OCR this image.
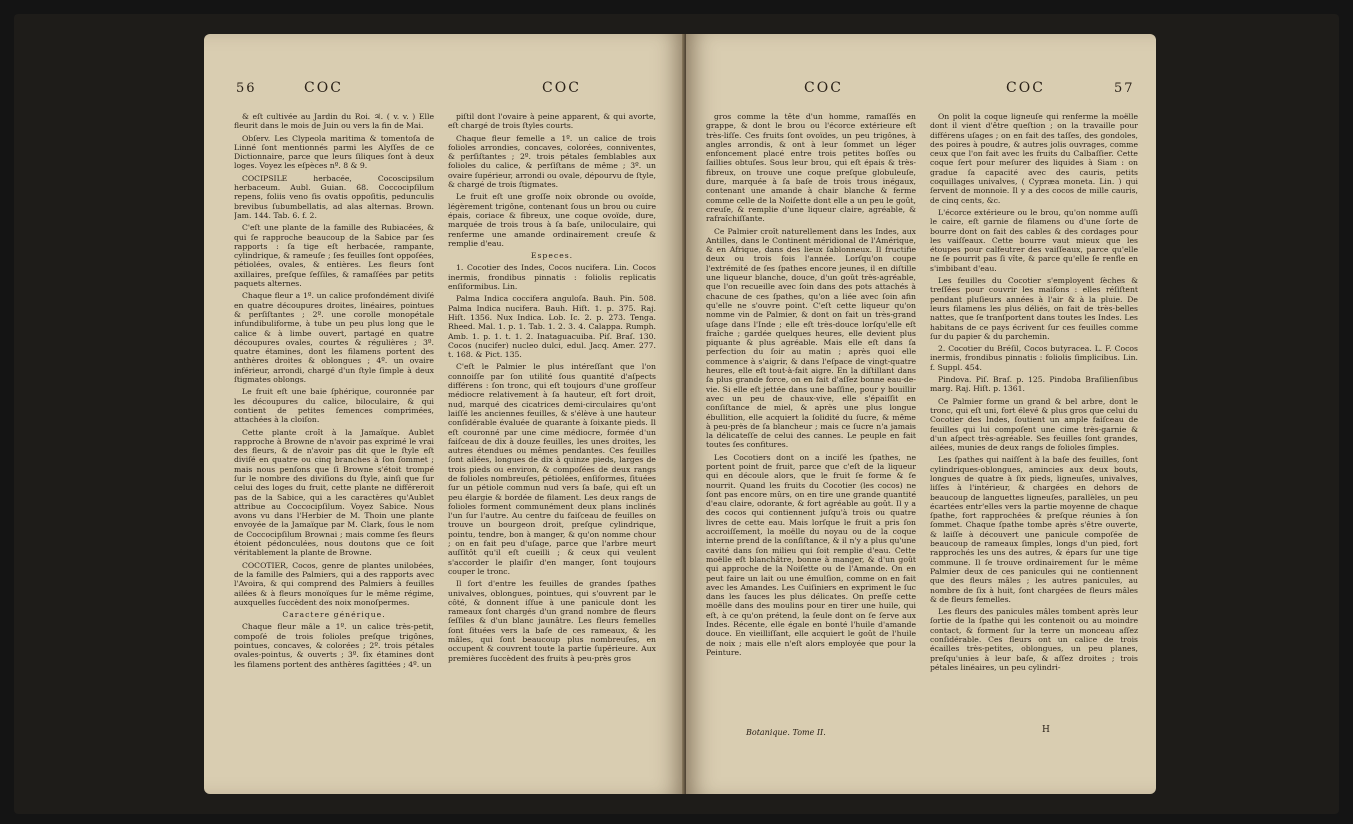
56	COC	COC

& eſt cultivée au Jardin du Roi. ♃. ( v. v. ) Elle fleurit dans le mois de Juin ou vers la fin de Mai.

Obſerv. Les Clypeola maritima & tomentoſa de Linné ſont mentionnés parmi les Alyſſes de ce Dictionnaire, parce que leurs ſiliques ſont à deux loges. Voyez les eſpèces nº. 8 & 9.

COCIPSILE herbacée, Cocoscipsilum herbaceum. Aubl. Guian. 68. Coccocipſilum repens, foliis veno ſis ovatis oppoſitis, pedunculis brevibus ſubumbellatis, ad alas alternas. Brown. Jam. 144. Tab. 6. f. 2.

C'eſt une plante de la famille des Rubiacées, & qui ſe rapproche beaucoup de la Sabice par ſes rapports : ſa tige eſt herbacée, rampante, cylindrique, & rameuſe ; ſes feuilles ſont oppoſées, pétiolées, ovales, & entières. Les fleurs ſont axillaires, preſque ſeſſiles, & ramaſſées par petits paquets alternes.

Chaque fleur a 1º. un calice profondément diviſé en quatre découpures droites, linéaires, pointues & perſiſtantes ; 2º. une corolle monopétale infundibuliforme, à tube un peu plus long que le calice & à limbe ouvert, partagé en quatre découpures ovales, courtes & régulières ; 3º. quatre étamines, dont les filamens portent des anthères droites & oblongues ; 4º. un ovaire inférieur, arrondi, chargé d'un ſtyle ſimple à deux ſtigmates oblongs.

Le fruit eſt une baie ſphérique, couronnée par les découpures du calice, biloculaire, & qui contient de petites ſemences comprimées, attachées à la cloiſon.

Cette plante croît à la Jamaïque. Aublet rapproche à Browne de n'avoir pas exprimé le vrai des fleurs, & de n'avoir pas dit que le ſtyle eſt diviſé en quatre ou cinq branches à ſon ſommet ; mais nous penſons que ſi Browne s'étoit trompé ſur le nombre des diviſions du ſtyle, ainſi que ſur celui des loges du fruit, cette plante ne différeroit pas de la Sabice, qui a les caractères qu'Aublet attribue au Coccocipſilum. Voyez Sabice. Nous avons vu dans l'Herbier de M. Thoin une plante envoyée de la Jamaïque par M. Clark, ſous le nom de Coccocipſilum Brownai ; mais comme ſes fleurs étoient pédonculées, nous doutons que ce ſoit véritablement la plante de Browne.

COCOTIER, Cocos, genre de plantes unilobées, de la famille des Palmiers, qui a des rapports avec l'Avoira, & qui comprend des Palmiers à feuilles ailées & à fleurs monoïques ſur le même régime, auxquelles ſuccèdent des noix monoſpermes.

Caractere générique.

Chaque fleur mâle a 1º. un calice très-petit, compoſé de trois folioles preſque trigônes, pointues, concaves, & colorées ; 2º. trois pétales ovales-pointus, & ouverts ; 3º. ſix étamines dont les filamens portent des anthères ſagittées ; 4º. un

piſtil dont l'ovaire à peine apparent, & qui avorte, eſt chargé de trois ſtyles courts.

Chaque fleur femelle a 1º. un calice de trois folioles arrondies, concaves, colorées, conniventes, & perſiſtantes ; 2º. trois pétales ſemblables aux folioles du calice, & perſiſtans de même ; 3º. un ovaire ſupérieur, arrondi ou ovale, dépourvu de ſtyle, & chargé de trois ſtigmates.

Le fruit eſt une groſſe noix obronde ou ovoïde, légèrement trigône, contenant ſous un brou ou cuire épais, coriace & fibreux, une coque ovoïde, dure, marquée de trois trous à ſa baſe, uniloculaire, qui renferme une amande ordinairement creuſe & remplie d'eau.

Especes.

1. Cocotier des Indes, Cocos nucifera. Lin. Cocos inermis, frondibus pinnatis : foliolis replicatis enſiformibus. Lin.

Palma Indica coccifera anguloſa. Bauh. Pin. 508. Palma Indica nucifera. Bauh. Hiſt. 1. p. 375. Raj. Hiſt. 1356. Nux Indica. Lob. Ic. 2. p. 273. Tenga. Rheed. Mal. 1. p. 1. Tab. 1. 2. 3. 4. Calappa. Rumph. Amb. 1. p. 1. t. 1. 2. Inataguacuiba. Piſ. Braſ. 130. Cocos (nucifer) nucleo dulci, edul. Jacq. Amer. 277. t. 168. & Pict. 135.

C'eſt le Palmier le plus intéreſſant que l'on connoiſſe par ſon utilité ſous quantité d'aſpects différens : ſon tronc, qui eſt toujours d'une groſſeur médiocre relativement à ſa hauteur, eſt fort droit, nud, marqué des cicatrices demi-circulaires qu'ont laiſſé les anciennes feuilles, & s'élève à une hauteur conſidérable évaluée de quarante à ſoixante pieds. Il eſt couronné par une cime médiocre, formée d'un faiſceau de dix à douze feuilles, les unes droites, les autres étendues ou mêmes pendantes. Ces feuilles ſont ailées, longues de dix à quinze pieds, larges de trois pieds ou environ, & compoſées de deux rangs de folioles nombreuſes, pétiolées, enſiformes, ſituées ſur un pétiole commun nud vers ſa baſe, qui eſt un peu élargie & bordée de filament. Les deux rangs de folioles forment communément deux plans inclinés l'un ſur l'autre. Au centre du faiſceau de feuilles on trouve un bourgeon droit, preſque cylindrique, pointu, tendre, bon à manger, & qu'on nomme chour ; on en fait peu d'uſage, parce que l'arbre meurt auſſitôt qu'il eſt cueilli ; & ceux qui veulent s'accorder le plaiſir d'en manger, ſont toujours couper le tronc.

Il ſort d'entre les feuilles de grandes ſpathes univalves, oblongues, pointues, qui s'ouvrent par le côté, & donnent iſſue à une panicule dont les rameaux ſont chargés d'un grand nombre de fleurs ſeſſiles & d'un blanc jaunâtre. Les fleurs femelles ſont ſituées vers la baſe de ces rameaux, & les mâles, qui ſont beaucoup plus nombreuſes, en occupent & couvrent toute la partie ſupérieure. Aux premières ſuccèdent des fruits à peu-près gros

COC	COC	57

gros comme la tête d'un homme, ramaſſés en grappe, & dont le brou ou l'écorce extérieure eſt très-liſſe. Ces fruits ſont ovoïdes, un peu trigônes, à angles arrondis, & ont à leur ſommet un léger enfoncement placé entre trois petites boſſes ou ſaillies obtuſes. Sous leur brou, qui eſt épais & très-fibreux, on trouve une coque preſque globuleuſe, dure, marquée à ſa baſe de trois trous inégaux, contenant une amande à chair blanche & ferme comme celle de la Noiſette dont elle a un peu le goût, creuſe, & remplie d'une liqueur claire, agréable, & rafraîchiſſante.

Ce Palmier croît naturellement dans les Indes, aux Antilles, dans le Continent méridional de l'Amérique, & en Afrique, dans des lieux ſablonneux. Il fructifie deux ou trois fois l'année. Lorſqu'on coupe l'extrémité de ſes ſpathes encore jeunes, il en diſtille une liqueur blanche, douce, d'un goût très-agréable, que l'on recueille avec ſoin dans des pots attachés à chacune de ces ſpathes, qu'on a liée avec ſoin afin qu'elle ne s'ouvre point. C'eſt cette liqueur qu'on nomme vin de Palmier, & dont on fait un très-grand uſage dans l'Inde ; elle eſt très-douce lorſqu'elle eſt fraîche ; gardée quelques heures, elle devient plus piquante & plus agréable. Mais elle eſt dans ſa perfection du ſoir au matin ; après quoi elle commence à s'aigrir, & dans l'eſpace de vingt-quatre heures, elle eſt tout-à-fait aigre. En la diſtillant dans ſa plus grande force, on en fait d'aſſez bonne eau-de-vie. Si elle eſt jettée dans une baſſine, pour y bouillir avec un peu de chaux-vive, elle s'épaiſſit en conſiſtance de miel, & après une plus longue ébullition, elle acquiert la ſolidité du ſucre, & même à peu-près de ſa blancheur ; mais ce ſucre n'a jamais la délicateſſe de celui des cannes. Le peuple en fait toutes ſes confitures.

Les Cocotiers dont on a inciſé les ſpathes, ne portent point de fruit, parce que c'eſt de la liqueur qui en découle alors, que le fruit ſe forme & ſe nourrit. Quand les fruits du Cocotier (les cocos) ne ſont pas encore mûrs, on en tire une grande quantité d'eau claire, odorante, & fort agréable au goût. Il y a des cocos qui contiennent juſqu'à trois ou quatre livres de cette eau. Mais lorſque le fruit a pris ſon accroiſſement, la moëlle du noyau ou de la coque interne prend de la conſiſtance, & il n'y a plus qu'une cavité dans ſon milieu qui ſoit remplie d'eau. Cette moëlle eſt blanchâtre, bonne à manger, & d'un goût qui approche de la Noiſette ou de l'Amande. On en peut faire un lait ou une émulſion, comme on en fait avec les Amandes. Les Cuiſiniers en expriment le ſuc dans les ſauces les plus délicates. On preſſe cette moëlle dans des moulins pour en tirer une huile, qui eſt, à ce qu'on prétend, la ſeule dont on ſe ſerve aux Indes. Récente, elle égale en bonté l'huile d'amande douce. En vieilliſſant, elle acquiert le goût de l'huile de noix ; mais elle n'eſt alors employée que pour la Peinture.

On polit la coque ligneuſe qui renferme la moëlle dont il vient d'être queſtion ; on la travaille pour différens uſages ; on en fait des taſſes, des gondoles, des poires à poudre, & autres jolis ouvrages, comme ceux que l'on fait avec les fruits du Calbaſſier. Cette coque ſert pour meſurer des liquides à Siam : on gradue ſa capacité avec des cauris, petits coquillages univalves, ( Cypræa moneta. Lin. ) qui ſervent de monnoie. Il y a des cocos de mille cauris, de cinq cents, &c.

L'écorce extérieure ou le brou, qu'on nomme auſſi le caire, eſt garnie de filamens ou d'une ſorte de bourre dont on fait des cables & des cordages pour les vaiſſeaux. Cette bourre vaut mieux que les étoupes pour calfeutrer des vaiſſeaux, parce qu'elle ne ſe pourrit pas ſi vîte, & parce qu'elle ſe renfle en s'imbibant d'eau.

Les feuilles du Cocotier s'employent ſèches & treſſées pour couvrir les maiſons : elles réſiſtent pendant pluſieurs années à l'air & à la pluie. De leurs filamens les plus déliés, on fait de très-belles nattes, que ſe tranſportent dans toutes les Indes. Les habitans de ce pays écrivent ſur ces feuilles comme ſur du papier & du parchemin.

2. Cocotier du Bréſil, Cocos butyracea. L. F. Cocos inermis, frondibus pinnatis : foliolis ſimplicibus. Lin. f. Suppl. 454.

Pindova. Piſ. Braſ. p. 125. Pindoba Braſilienſibus marg. Raj. Hiſt. p. 1361.

Ce Palmier forme un grand & bel arbre, dont le tronc, qui eſt uni, fort élevé & plus gros que celui du Cocotier des Indes, ſoutient un ample faiſceau de feuilles qui lui compoſent une cime très-garnie & d'un aſpect très-agréable. Ses feuilles ſont grandes, ailées, munies de deux rangs de folioles ſimples.

Les ſpathes qui naiſſent à la baſe des feuilles, ſont cylindriques-oblongues, amincies aux deux bouts, longues de quatre à ſix pieds, ligneuſes, univalves, liſſes à l'intérieur, & chargées en dehors de beaucoup de languettes ligneuſes, parallèles, un peu écartées entr'elles vers la partie moyenne de chaque ſpathe, fort rapprochées & preſque réunies à ſon ſommet. Chaque ſpathe tombe après s'être ouverte, & laiſſe à découvert une panicule compoſée de beaucoup de rameaux ſimples, longs d'un pied, fort rapprochés les uns des autres, & épars ſur une tige commune. Il ſe trouve ordinairement ſur le même Palmier deux de ces panicules qui ne contiennent que des fleurs mâles ; les autres panicules, au nombre de ſix à huit, ſont chargées de fleurs mâles & de fleurs femelles.

Les fleurs des panicules mâles tombent après leur ſortie de la ſpathe qui les contenoit ou au moindre contact, & forment ſur la terre un monceau aſſez conſidérable. Ces fleurs ont un calice de trois écailles très-petites, oblongues, un peu planes, preſqu'unies à leur baſe, & aſſez droites ; trois pétales linéaires, un peu cylindri-

Botanique. Tome II.	H
